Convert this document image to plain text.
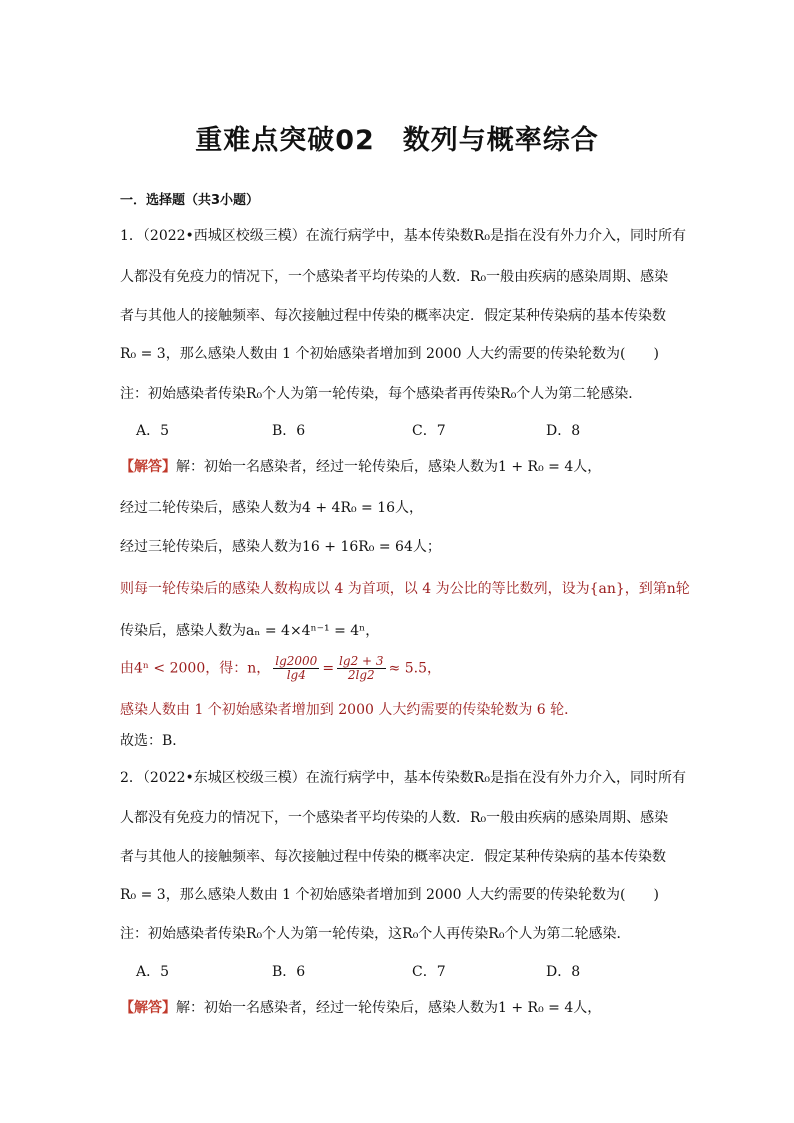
重难点突破02　数列与概率综合
一．选择题（共3小题）
1．（2022•西城区校级三模）在流行病学中，基本传染数R₀是指在没有外力介入，同时所有
人都没有免疫力的情况下，一个感染者平均传染的人数．R₀一般由疾病的感染周期、感染
者与其他人的接触频率、每次接触过程中传染的概率决定．假定某种传染病的基本传染数
R₀ = 3，那么感染人数由 1 个初始感染者增加到 2000 人大约需要的传染轮数为(　　)
注：初始感染者传染R₀个人为第一轮传染，每个感染者再传染R₀个人为第二轮感染．
A．5	B．6	C．7	D．8
【解答】解：初始一名感染者，经过一轮传染后，感染人数为1 + R₀ = 4人，
经过二轮传染后，感染人数为4 + 4R₀ = 16人，
经过三轮传染后，感染人数为16 + 16R₀ = 64人；
则每一轮传染后的感染人数构成以 4 为首项，以 4 为公比的等比数列，设为{an}，到第n轮
传染后，感染人数为aₙ = 4×4ⁿ⁻¹ = 4ⁿ，
由4ⁿ < 2000，得：n， $\frac{\lg 2000}{\lg 4} = \frac{\lg 2 + 3}{2\lg 2} \approx 5.5$，
感染人数由 1 个初始感染者增加到 2000 人大约需要的传染轮数为 6 轮．
故选：B．
2．（2022•东城区校级三模）在流行病学中，基本传染数R₀是指在没有外力介入，同时所有
人都没有免疫力的情况下，一个感染者平均传染的人数．R₀一般由疾病的感染周期、感染
者与其他人的接触频率、每次接触过程中传染的概率决定．假定某种传染病的基本传染数
R₀ = 3，那么感染人数由 1 个初始感染者增加到 2000 人大约需要的传染轮数为(　　)
注：初始感染者传染R₀个人为第一轮传染，这R₀个人再传染R₀个人为第二轮感染．
A．5	B．6	C．7	D．8
【解答】解：初始一名感染者，经过一轮传染后，感染人数为1 + R₀ = 4人，
